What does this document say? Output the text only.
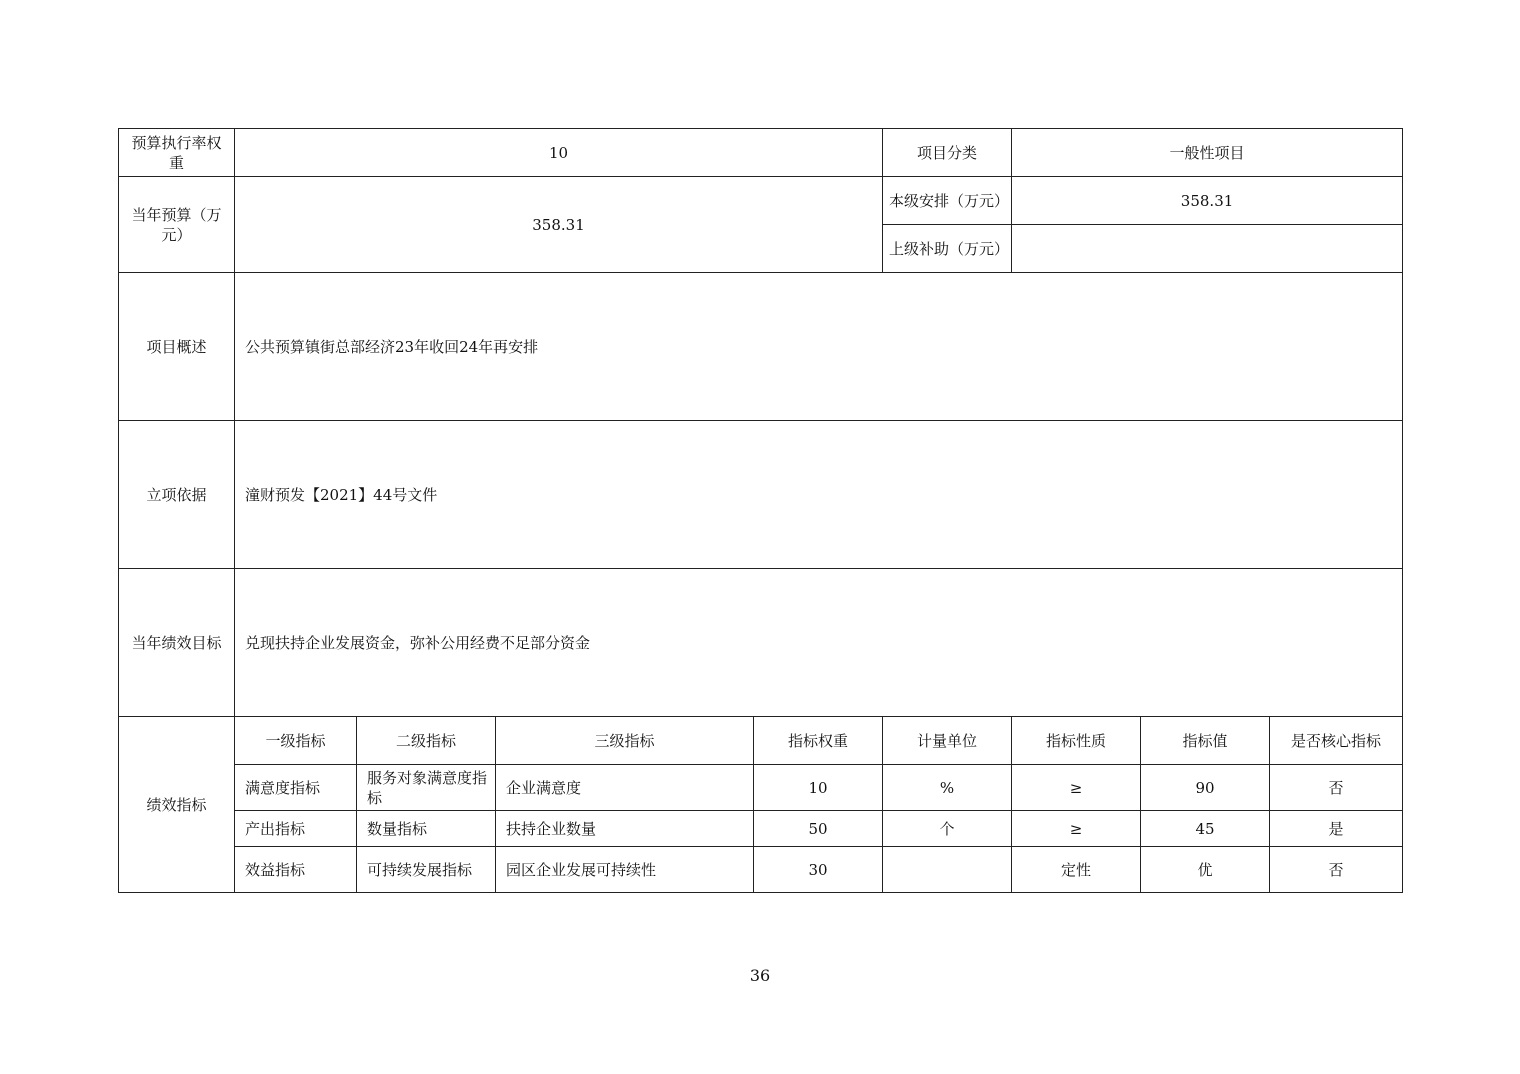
预算执行率权重	10				项目分类	一般性项目		
当年预算（万元）	358.31				本级安排（万元）	358.31		
					上级补助（万元）			
项目概述	公共预算镇街总部经济23年收回24年再安排							
立项依据	潼财预发【2021】44号文件							
当年绩效目标	兑现扶持企业发展资金，弥补公用经费不足部分资金							
绩效指标	一级指标	二级指标	三级指标	指标权重	计量单位	指标性质	指标值	是否核心指标
	满意度指标	服务对象满意度指标	企业满意度	10	%	≥	90	否
	产出指标	数量指标	扶持企业数量	50	个	≥	45	是
	效益指标	可持续发展指标	园区企业发展可持续性	30		定性	优	否
36
